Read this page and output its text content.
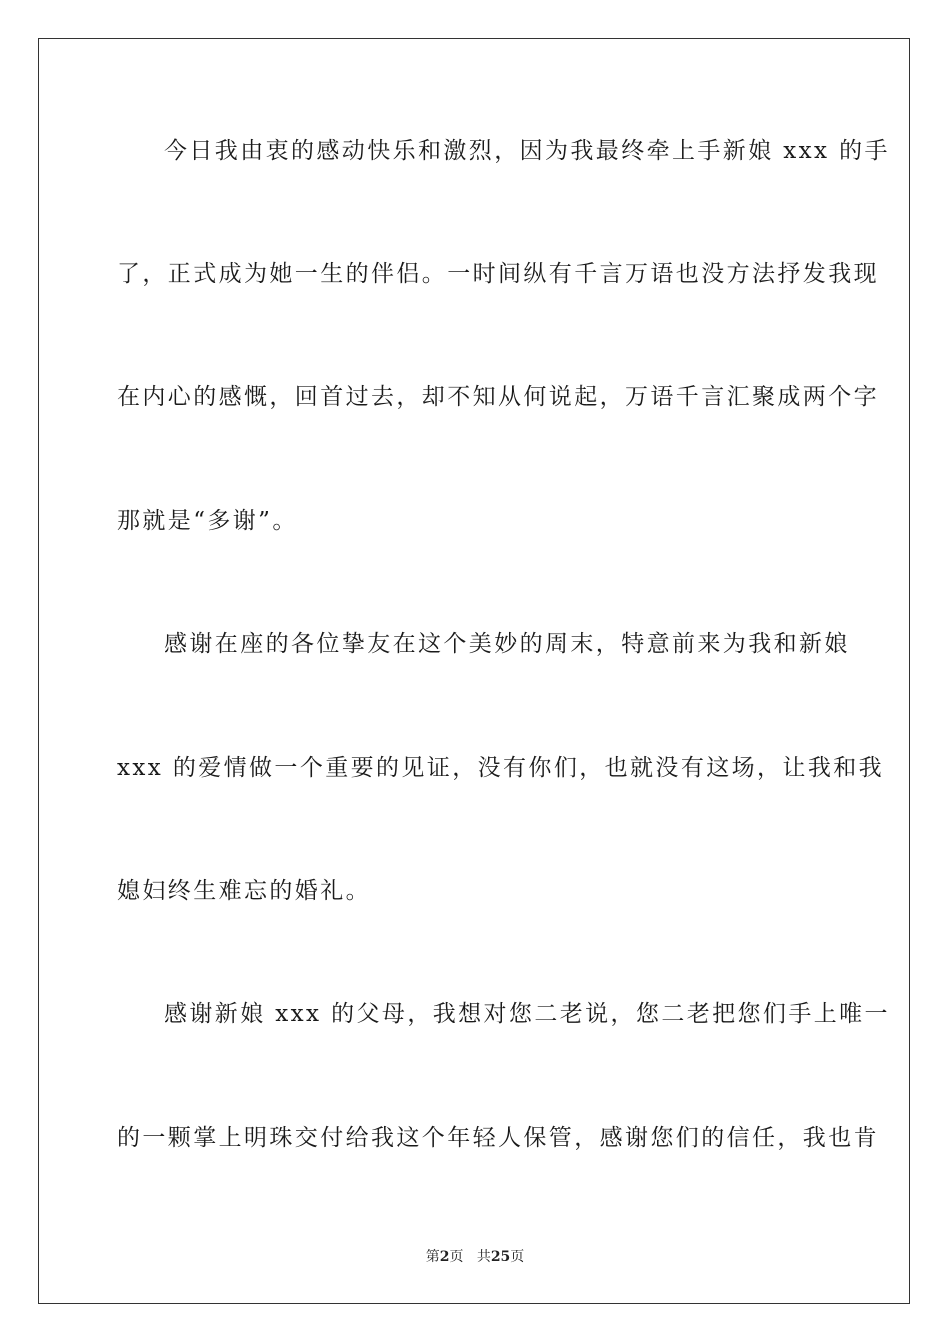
今日我由衷的感动快乐和激烈，因为我最终牵上手新娘 xxx 的手
了，正式成为她一生的伴侣。一时间纵有千言万语也没方法抒发我现
在内心的感慨，回首过去，却不知从何说起，万语千言汇聚成两个字
那就是“多谢”。
感谢在座的各位挚友在这个美妙的周末，特意前来为我和新娘
xxx 的爱情做一个重要的见证，没有你们，也就没有这场，让我和我
媳妇终生难忘的婚礼。
感谢新娘 xxx 的父母，我想对您二老说，您二老把您们手上唯一
的一颗掌上明珠交付给我这个年轻人保管，感谢您们的信任，我也肯
第2页 共25页
